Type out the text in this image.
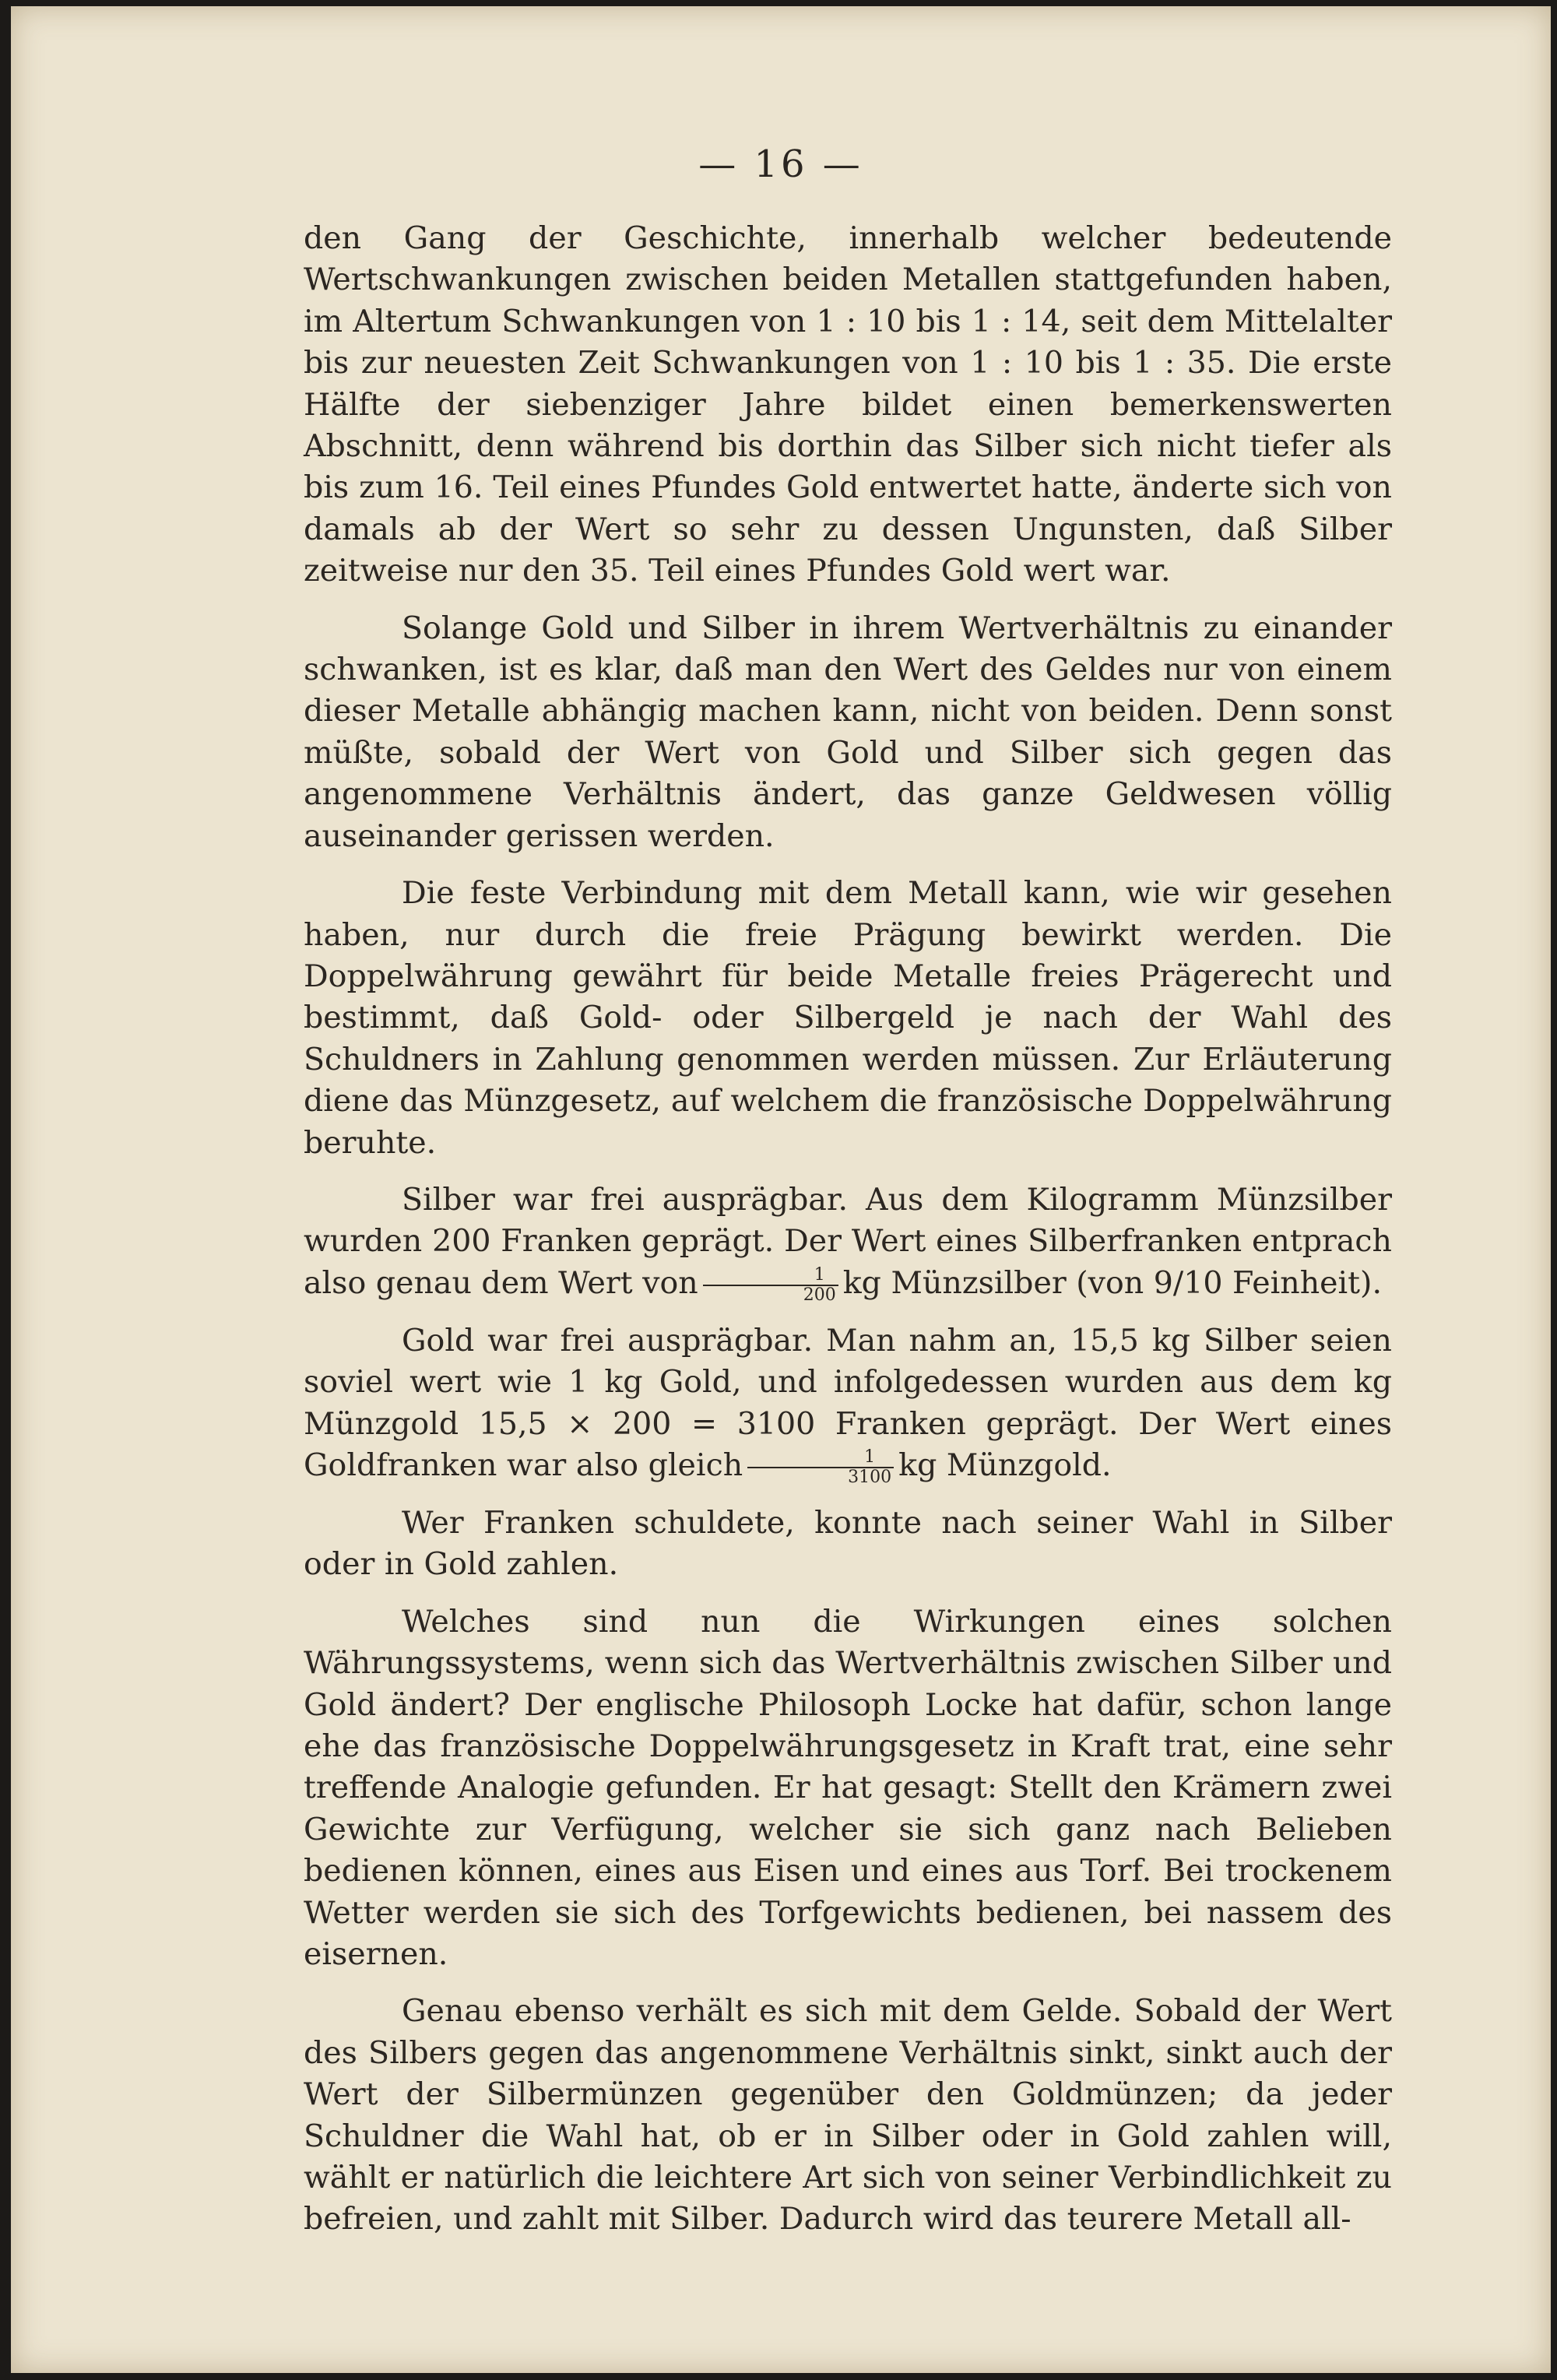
— 16 —

den Gang der Geschichte, innerhalb welcher bedeutende Wertschwankungen zwischen beiden Metallen stattgefunden haben, im Altertum Schwankungen von 1 : 10 bis 1 : 14, seit dem Mittelalter bis zur neuesten Zeit Schwankungen von 1 : 10 bis 1 : 35. Die erste Hälfte der siebenziger Jahre bildet einen bemerkenswerten Abschnitt, denn während bis dorthin das Silber sich nicht tiefer als bis zum 16. Teil eines Pfundes Gold entwertet hatte, änderte sich von damals ab der Wert so sehr zu dessen Ungunsten, daß Silber zeitweise nur den 35. Teil eines Pfundes Gold wert war.

Solange Gold und Silber in ihrem Wertverhältnis zu einander schwanken, ist es klar, daß man den Wert des Geldes nur von einem dieser Metalle abhängig machen kann, nicht von beiden. Denn sonst müßte, sobald der Wert von Gold und Silber sich gegen das angenommene Verhältnis ändert, das ganze Geldwesen völlig auseinander gerissen werden.

Die feste Verbindung mit dem Metall kann, wie wir gesehen haben, nur durch die freie Prägung bewirkt werden. Die Doppelwährung gewährt für beide Metalle freies Prägerecht und bestimmt, daß Gold- oder Silbergeld je nach der Wahl des Schuldners in Zahlung genommen werden müssen. Zur Erläuterung diene das Münzgesetz, auf welchem die französische Doppelwährung beruhte.

Silber war frei ausprägbar. Aus dem Kilogramm Münzsilber wurden 200 Franken geprägt. Der Wert eines Silberfranken entprach also genau dem Wert von $\frac{1}{200}$ kg Münzsilber (von 9/10 Feinheit).

Gold war frei ausprägbar. Man nahm an, 15,5 kg Silber seien soviel wert wie 1 kg Gold, und infolgedessen wurden aus dem kg Münzgold 15,5 × 200 = 3100 Franken geprägt. Der Wert eines Goldfranken war also gleich $\frac{1}{3100}$ kg Münzgold.

Wer Franken schuldete, konnte nach seiner Wahl in Silber oder in Gold zahlen.

Welches sind nun die Wirkungen eines solchen Währungssystems, wenn sich das Wertverhältnis zwischen Silber und Gold ändert? Der englische Philosoph Locke hat dafür, schon lange ehe das französische Doppelwährungsgesetz in Kraft trat, eine sehr treffende Analogie gefunden. Er hat gesagt: Stellt den Krämern zwei Gewichte zur Verfügung, welcher sie sich ganz nach Belieben bedienen können, eines aus Eisen und eines aus Torf. Bei trockenem Wetter werden sie sich des Torfgewichts bedienen, bei nassem des eisernen.

Genau ebenso verhält es sich mit dem Gelde. Sobald der Wert des Silbers gegen das angenommene Verhältnis sinkt, sinkt auch der Wert der Silbermünzen gegenüber den Goldmünzen; da jeder Schuldner die Wahl hat, ob er in Silber oder in Gold zahlen will, wählt er natürlich die leichtere Art sich von seiner Verbindlichkeit zu befreien, und zahlt mit Silber. Dadurch wird das teurere Metall all-
